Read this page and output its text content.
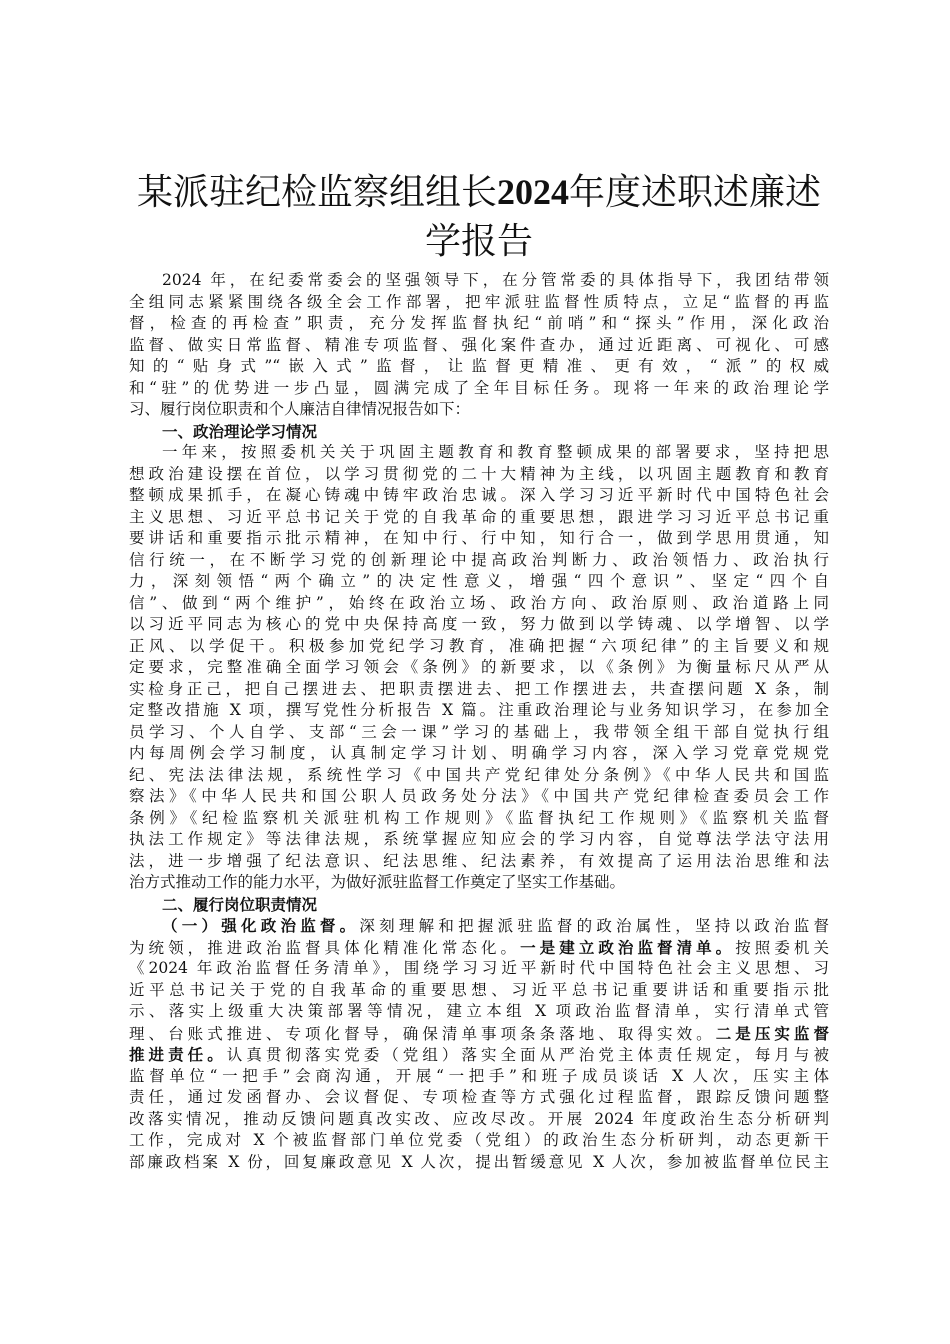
某派驻纪检监察组组长2024年度述职述廉述
学报告
2024 年，在纪委常委会的坚强领导下，在分管常委的具体指导下，我团结带领
全组同志紧紧围绕各级全会工作部署，把牢派驻监督性质特点，立足“监督的再监
督，检查的再检查”职责，充分发挥监督执纪“前哨”和“探头”作用，深化政治
监督、做实日常监督、精准专项监督、强化案件查办，通过近距离、可视化、可感
知的“贴身式”“嵌入式”监督，让监督更精准、更有效，“派”的权威
和“驻”的优势进一步凸显，圆满完成了全年目标任务。现将一年来的政治理论学
习、履行岗位职责和个人廉洁自律情况报告如下：
一、政治理论学习情况
一年来，按照委机关关于巩固主题教育和教育整顿成果的部署要求，坚持把思
想政治建设摆在首位，以学习贯彻党的二十大精神为主线，以巩固主题教育和教育
整顿成果抓手，在凝心铸魂中铸牢政治忠诚。深入学习习近平新时代中国特色社会
主义思想、习近平总书记关于党的自我革命的重要思想，跟进学习习近平总书记重
要讲话和重要指示批示精神，在知中行、行中知，知行合一，做到学思用贯通，知
信行统一，在不断学习党的创新理论中提高政治判断力、政治领悟力、政治执行
力，深刻领悟“两个确立”的决定性意义，增强“四个意识”、坚定“四个自
信”、做到“两个维护”，始终在政治立场、政治方向、政治原则、政治道路上同
以习近平同志为核心的党中央保持高度一致，努力做到以学铸魂、以学增智、以学
正风、以学促干。积极参加党纪学习教育，准确把握“六项纪律”的主旨要义和规
定要求，完整准确全面学习领会《条例》的新要求，以《条例》为衡量标尺从严从
实检身正己，把自己摆进去、把职责摆进去、把工作摆进去，共查摆问题 X 条，制
定整改措施 X 项，撰写党性分析报告 X 篇。注重政治理论与业务知识学习，在参加全
员学习、个人自学、支部“三会一课”学习的基础上，我带领全组干部自觉执行组
内每周例会学习制度，认真制定学习计划、明确学习内容，深入学习党章党规党
纪、宪法法律法规，系统性学习《中国共产党纪律处分条例》《中华人民共和国监
察法》《中华人民共和国公职人员政务处分法》《中国共产党纪律检查委员会工作
条例》《纪检监察机关派驻机构工作规则》《监督执纪工作规则》《监察机关监督
执法工作规定》等法律法规，系统掌握应知应会的学习内容，自觉尊法学法守法用
法，进一步增强了纪法意识、纪法思维、纪法素养，有效提高了运用法治思维和法
治方式推动工作的能力水平，为做好派驻监督工作奠定了坚实工作基础。
二、履行岗位职责情况
（一）强化政治监督。深刻理解和把握派驻监督的政治属性，坚持以政治监督
为统领，推进政治监督具体化精准化常态化。一是建立政治监督清单。按照委机关
《2024 年政治监督任务清单》，围绕学习习近平新时代中国特色社会主义思想、习
近平总书记关于党的自我革命的重要思想、习近平总书记重要讲话和重要指示批
示、落实上级重大决策部署等情况，建立本组 X 项政治监督清单，实行清单式管
理、台账式推进、专项化督导，确保清单事项条条落地、取得实效。二是压实监督
推进责任。认真贯彻落实党委（党组）落实全面从严治党主体责任规定，每月与被
监督单位“一把手”会商沟通，开展“一把手”和班子成员谈话 X 人次，压实主体
责任，通过发函督办、会议督促、专项检查等方式强化过程监督，跟踪反馈问题整
改落实情况，推动反馈问题真改实改、应改尽改。开展 2024 年度政治生态分析研判
工作，完成对 X 个被监督部门单位党委（党组）的政治生态分析研判，动态更新干
部廉政档案 X 份，回复廉政意见 X 人次，提出暂缓意见 X 人次，参加被监督单位民主
